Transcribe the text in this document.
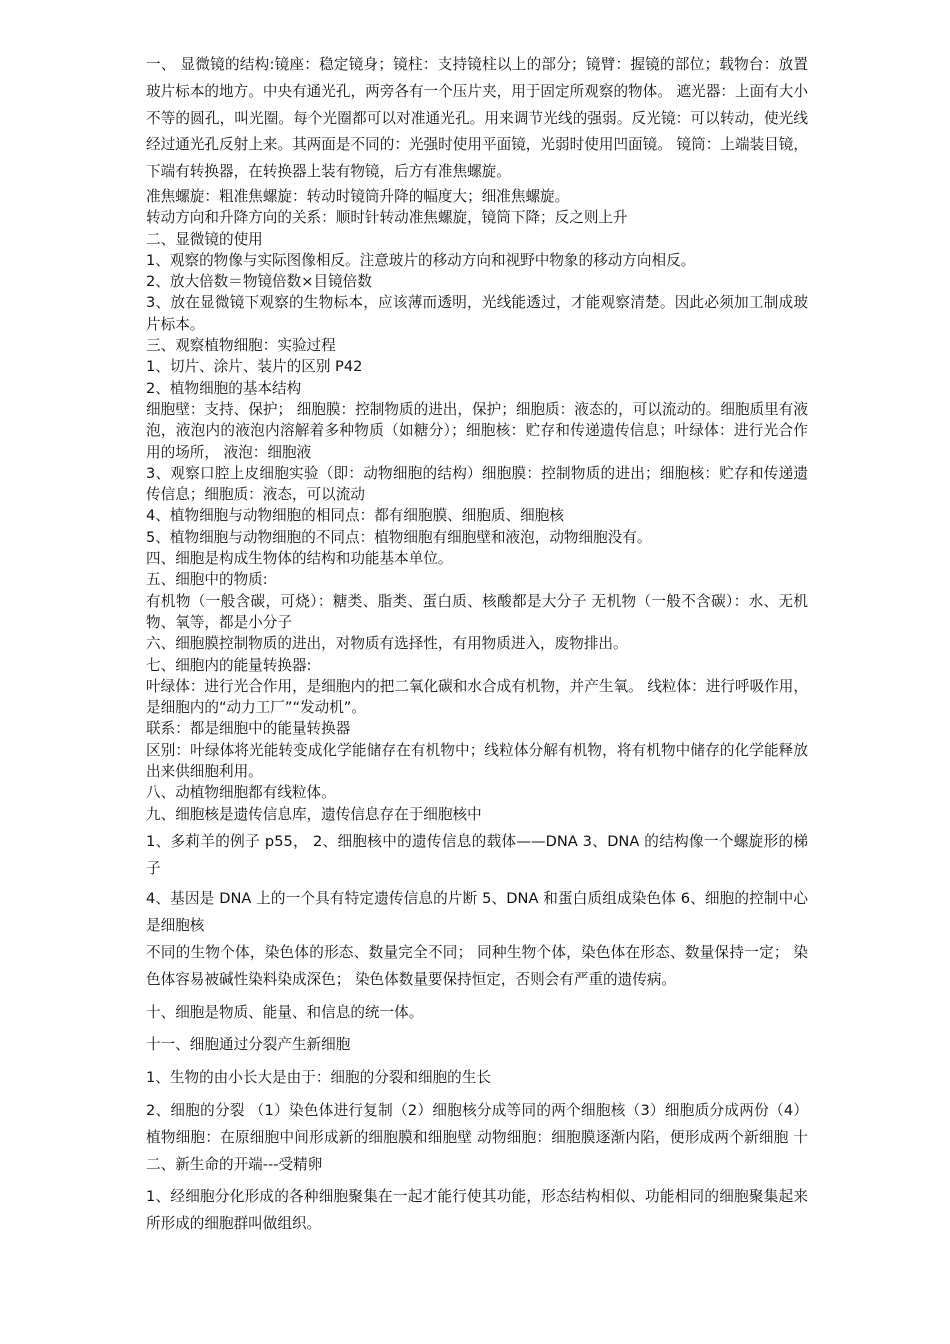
一、 显微镜的结构:镜座：稳定镜身；镜柱：支持镜柱以上的部分；镜臂：握镜的部位；载物台：放置玻片标本的地方。中央有通光孔，两旁各有一个压片夹，用于固定所观察的物体。 遮光器：上面有大小不等的圆孔，叫光圈。每个光圈都可以对准通光孔。用来调节光线的强弱。反光镜：可以转动，使光线经过通光孔反射上来。其两面是不同的：光强时使用平面镜，光弱时使用凹面镜。 镜筒：上端装目镜，下端有转换器，在转换器上装有物镜，后方有准焦螺旋。

准焦螺旋：粗准焦螺旋：转动时镜筒升降的幅度大；细准焦螺旋。

转动方向和升降方向的关系：顺时针转动准焦螺旋，镜筒下降；反之则上升

二、显微镜的使用

1、观察的物像与实际图像相反。注意玻片的移动方向和视野中物象的移动方向相反。

2、放大倍数＝物镜倍数×目镜倍数

3、放在显微镜下观察的生物标本，应该薄而透明，光线能透过，才能观察清楚。因此必须加工制成玻片标本。

三、观察植物细胞：实验过程

1、切片、涂片、装片的区别 P42

2、植物细胞的基本结构

细胞壁：支持、保护； 细胞膜：控制物质的进出，保护；细胞质：液态的，可以流动的。细胞质里有液泡，液泡内的液泡内溶解着多种物质（如糖分）；细胞核：贮存和传递遗传信息；叶绿体：进行光合作用的场所， 液泡：细胞液

3、观察口腔上皮细胞实验（即：动物细胞的结构）细胞膜：控制物质的进出；细胞核：贮存和传递遗传信息；细胞质：液态，可以流动

4、植物细胞与动物细胞的相同点：都有细胞膜、细胞质、细胞核

5、植物细胞与动物细胞的不同点：植物细胞有细胞壁和液泡，动物细胞没有。

四、细胞是构成生物体的结构和功能基本单位。

五、细胞中的物质:

有机物（一般含碳，可烧）：糖类、脂类、蛋白质、核酸都是大分子 无机物（一般不含碳）：水、无机物、氧等，都是小分子

六、细胞膜控制物质的进出，对物质有选择性，有用物质进入，废物排出。

七、细胞内的能量转换器:

叶绿体：进行光合作用，是细胞内的把二氧化碳和水合成有机物，并产生氧。 线粒体：进行呼吸作用，是细胞内的“动力工厂”“发动机”。

联系：都是细胞中的能量转换器

区别：叶绿体将光能转变成化学能储存在有机物中；线粒体分解有机物，将有机物中储存的化学能释放出来供细胞利用。

八、动植物细胞都有线粒体。

九、细胞核是遗传信息库，遗传信息存在于细胞核中

1、多莉羊的例子 p55， 2、细胞核中的遗传信息的载体——DNA 3、DNA 的结构像一个螺旋形的梯子

4、基因是 DNA 上的一个具有特定遗传信息的片断 5、DNA 和蛋白质组成染色体 6、细胞的控制中心是细胞核

不同的生物个体，染色体的形态、数量完全不同； 同种生物个体，染色体在形态、数量保持一定； 染色体容易被碱性染料染成深色； 染色体数量要保持恒定，否则会有严重的遗传病。

十、细胞是物质、能量、和信息的统一体。

十一、细胞通过分裂产生新细胞

1、生物的由小长大是由于：细胞的分裂和细胞的生长

2、细胞的分裂 （1）染色体进行复制（2）细胞核分成等同的两个细胞核（3）细胞质分成两份（4）植物细胞：在原细胞中间形成新的细胞膜和细胞壁 动物细胞：细胞膜逐渐内陷，便形成两个新细胞 十二、新生命的开端---受精卵

1、经细胞分化形成的各种细胞聚集在一起才能行使其功能，形态结构相似、功能相同的细胞聚集起来所形成的细胞群叫做组织。
